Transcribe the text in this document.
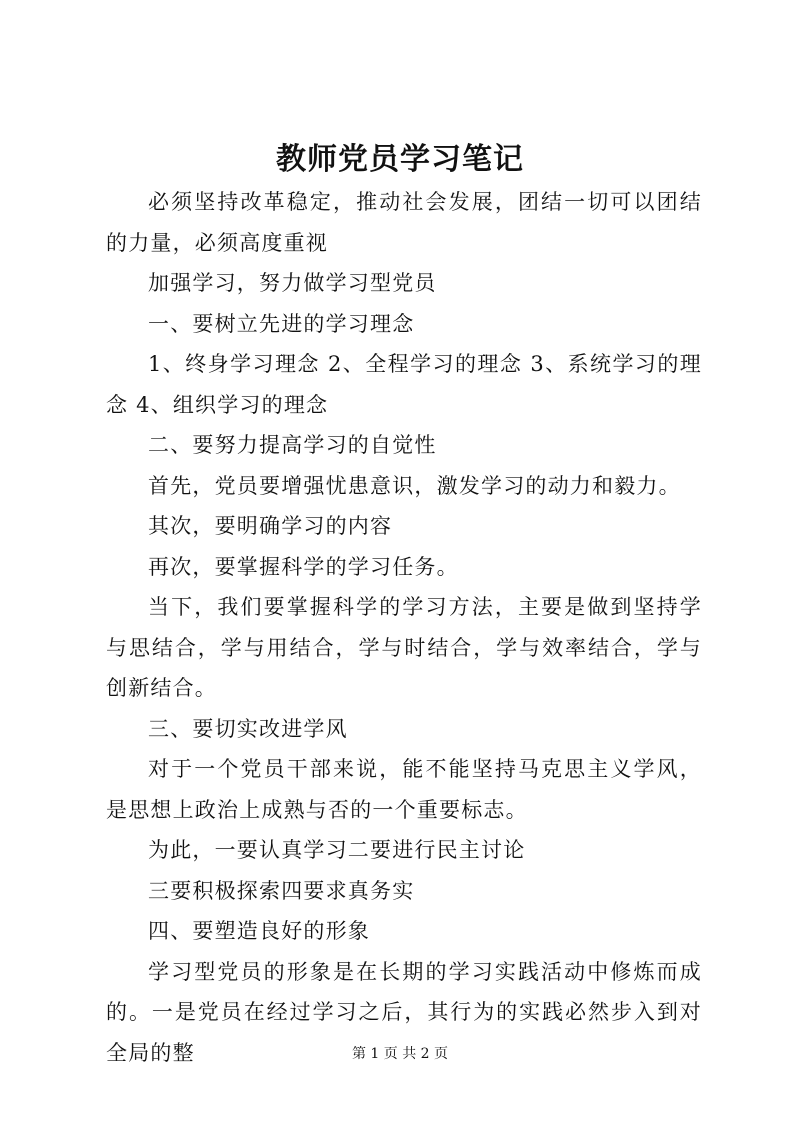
教师党员学习笔记

必须坚持改革稳定，推动社会发展，团结一切可以团结的力量，必须高度重视

加强学习，努力做学习型党员

一、要树立先进的学习理念

1、终身学习理念 2、全程学习的理念 3、系统学习的理念 4、组织学习的理念

二、要努力提高学习的自觉性

首先，党员要增强忧患意识，激发学习的动力和毅力。

其次，要明确学习的内容

再次，要掌握科学的学习任务。

当下，我们要掌握科学的学习方法，主要是做到坚持学与思结合，学与用结合，学与时结合，学与效率结合，学与创新结合。

三、要切实改进学风

对于一个党员干部来说，能不能坚持马克思主义学风，是思想上政治上成熟与否的一个重要标志。

为此，一要认真学习二要进行民主讨论

三要积极探索四要求真务实

四、要塑造良好的形象

学习型党员的形象是在长期的学习实践活动中修炼而成的。一是党员在经过学习之后，其行为的实践必然步入到对全局的整	第 1 页 共 2 页
